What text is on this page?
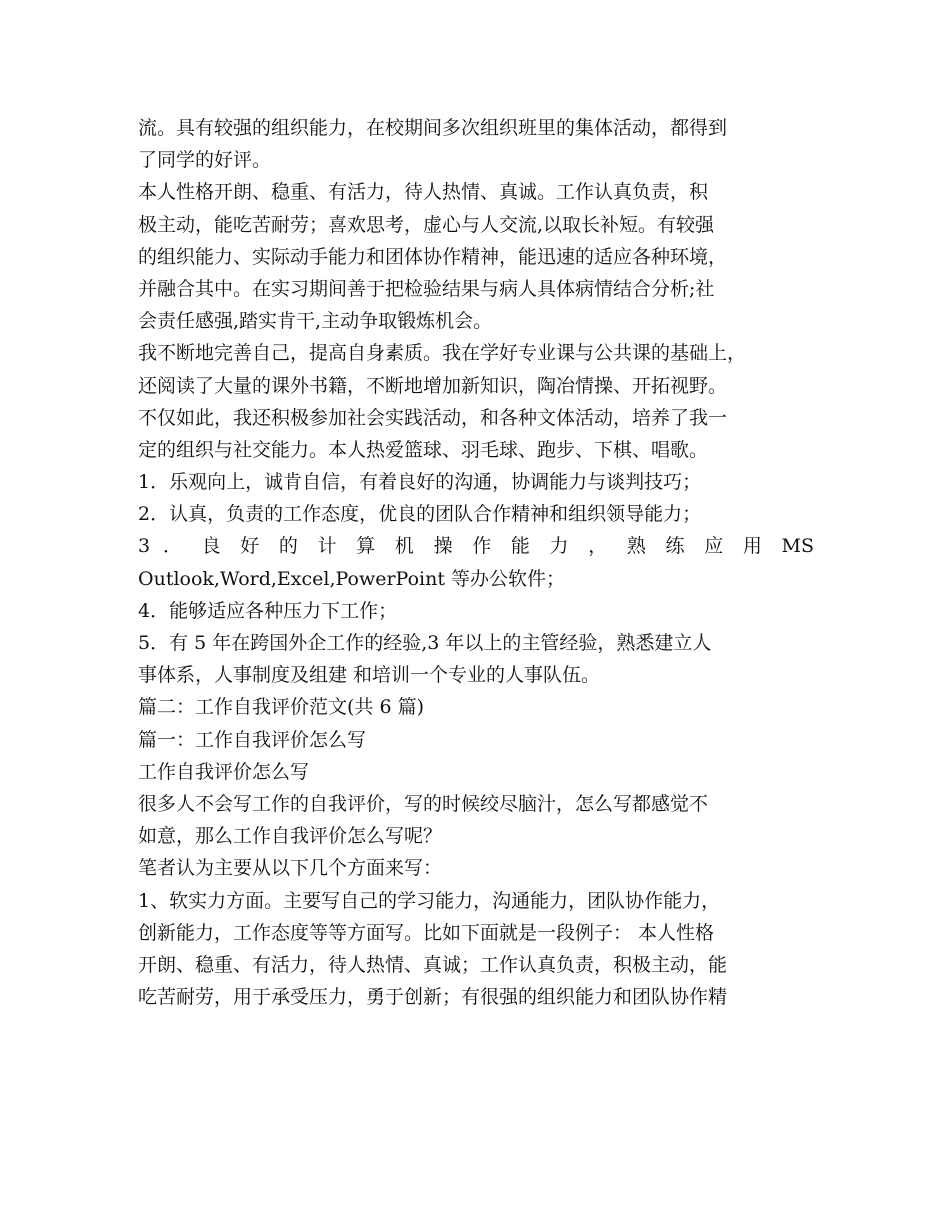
流。具有较强的组织能力，在校期间多次组织班里的集体活动，都得到
了同学的好评。
本人性格开朗、稳重、有活力，待人热情、真诚。工作认真负责，积
极主动，能吃苦耐劳；喜欢思考，虚心与人交流,以取长补短。有较强
的组织能力、实际动手能力和团体协作精神，能迅速的适应各种环境，
并融合其中。在实习期间善于把检验结果与病人具体病情结合分析;社
会责任感强,踏实肯干,主动争取锻炼机会。
我不断地完善自己，提高自身素质。我在学好专业课与公共课的基础上，
还阅读了大量的课外书籍，不断地增加新知识，陶冶情操、开拓视野。
不仅如此，我还积极参加社会实践活动，和各种文体活动，培养了我一
定的组织与社交能力。本人热爱篮球、羽毛球、跑步、下棋、唱歌。
1．乐观向上，诚肯自信，有着良好的沟通，协调能力与谈判技巧；
2．认真，负责的工作态度，优良的团队合作精神和组织领导能力；
3 ． 良 好 的 计 算 机 操 作 能 力 ， 熟 练 应 用 MS
Outlook,Word,Excel,PowerPoint 等办公软件；
4．能够适应各种压力下工作；
5．有 5 年在跨国外企工作的经验,3 年以上的主管经验，熟悉建立人
事体系，人事制度及组建 和培训一个专业的人事队伍。
篇二：工作自我评价范文(共 6 篇)
篇一：工作自我评价怎么写
工作自我评价怎么写
很多人不会写工作的自我评价，写的时候绞尽脑汁，怎么写都感觉不
如意，那么工作自我评价怎么写呢？
笔者认为主要从以下几个方面来写：
1、软实力方面。主要写自己的学习能力，沟通能力，团队协作能力，
创新能力，工作态度等等方面写。比如下面就是一段例子： 本人性格
开朗、稳重、有活力，待人热情、真诚；工作认真负责，积极主动，能
吃苦耐劳，用于承受压力，勇于创新；有很强的组织能力和团队协作精
